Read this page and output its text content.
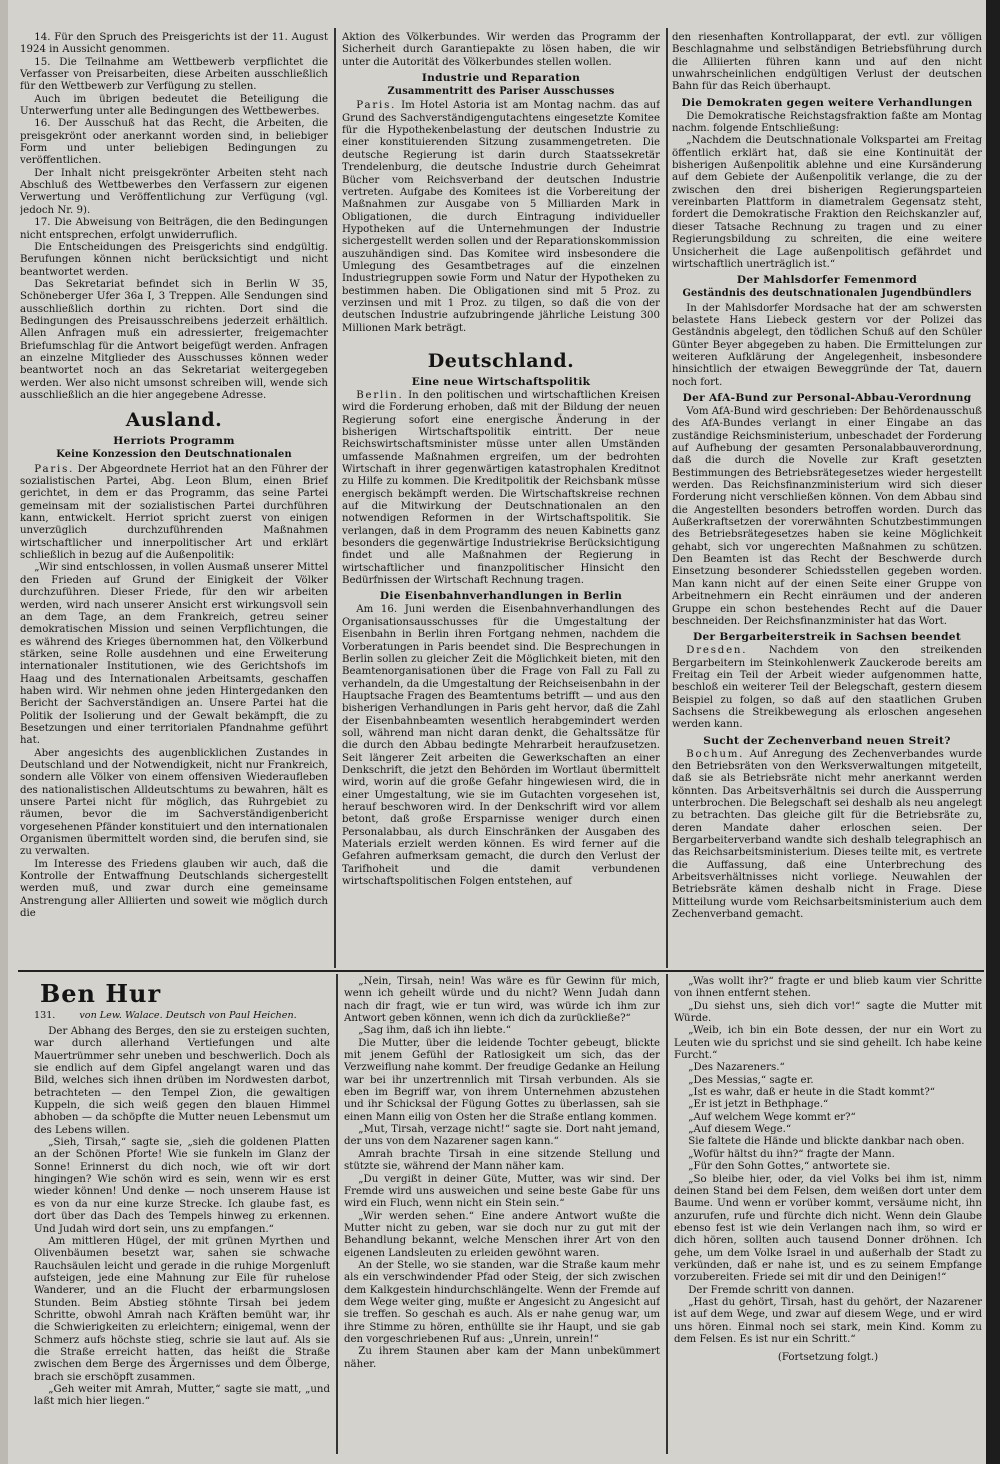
14. Für den Spruch des Preisgerichts ist der 11. August 1924 in Aussicht genommen.

15. Die Teilnahme am Wettbewerb verpflichtet die Verfasser von Preisarbeiten, diese Arbeiten ausschließlich für den Wettbewerb zur Verfügung zu stellen.

Auch im übrigen bedeutet die Beteiligung die Unterwerfung unter alle Bedingungen des Wettbewerbes.

16. Der Ausschuß hat das Recht, die Arbeiten, die preisgekrönt oder anerkannt worden sind, in beliebiger Form und unter beliebigen Bedingungen zu veröffentlichen.

Der Inhalt nicht preisgekrönter Arbeiten steht nach Abschluß des Wettbewerbes den Verfassern zur eigenen Verwertung und Veröffentlichung zur Verfügung (vgl. jedoch Nr. 9).

17. Die Abweisung von Beiträgen, die den Bedingungen nicht entsprechen, erfolgt unwiderruflich.

Die Entscheidungen des Preisgerichts sind endgültig. Berufungen können nicht berücksichtigt und nicht beantwortet werden.

Das Sekretariat befindet sich in Berlin W 35, Schöneberger Ufer 36a I, 3 Treppen. Alle Sendungen sind ausschließlich dorthin zu richten. Dort sind die Bedingungen des Preisausschreibens jederzeit erhältlich. Allen Anfragen muß ein adressierter, freigemachter Briefumschlag für die Antwort beigefügt werden. Anfragen an einzelne Mitglieder des Ausschusses können weder beantwortet noch an das Sekretariat weitergegeben werden. Wer also nicht umsonst schreiben will, wende sich ausschließlich an die hier angegebene Adresse.

Ausland.
Herriots Programm
Keine Konzession den Deutschnationalen

Paris. Der Abgeordnete Herriot hat an den Führer der sozialistischen Partei, Abg. Leon Blum, einen Brief gerichtet, in dem er das Programm, das seine Partei gemeinsam mit der sozialistischen Partei durchführen kann, entwickelt. Herriot spricht zuerst von einigen unverzüglich durchzuführenden Maßnahmen wirtschaftlicher und innerpolitischer Art und erklärt schließlich in bezug auf die Außenpolitik:

„Wir sind entschlossen, in vollen Ausmaß unserer Mittel den Frieden auf Grund der Einigkeit der Völker durchzuführen. Dieser Friede, für den wir arbeiten werden, wird nach unserer Ansicht erst wirkungsvoll sein an dem Tage, an dem Frankreich, getreu seiner demokratischen Mission und seinen Verpflichtungen, die es während des Krieges übernommen hat, den Völkerbund stärken, seine Rolle ausdehnen und eine Erweiterung internationaler Institutionen, wie des Gerichtshofs im Haag und des Internationalen Arbeitsamts, geschaffen haben wird. Wir nehmen ohne jeden Hintergedanken den Bericht der Sachverständigen an. Unsere Partei hat die Politik der Isolierung und der Gewalt bekämpft, die zu Besetzungen und einer territorialen Pfandnahme geführt hat.

Aber angesichts des augenblicklichen Zustandes in Deutschland und der Notwendigkeit, nicht nur Frankreich, sondern alle Völker von einem offensiven Wiederaufleben des nationalistischen Alldeutschtums zu bewahren, hält es unsere Partei nicht für möglich, das Ruhrgebiet zu räumen, bevor die im Sachverständigenbericht vorgesehenen Pfänder konstituiert und den internationalen Organismen übermittelt worden sind, die berufen sind, sie zu verwalten.

Im Interesse des Friedens glauben wir auch, daß die Kontrolle der Entwaffnung Deutschlands sichergestellt werden muß, und zwar durch eine gemeinsame Anstrengung aller Alliierten und soweit wie möglich durch die

Aktion des Völkerbundes. Wir werden das Programm der Sicherheit durch Garantiepakte zu lösen haben, die wir unter die Autorität des Völkerbundes stellen wollen.

Industrie und Reparation
Zusammentritt des Pariser Ausschusses

Paris. Im Hotel Astoria ist am Montag nachm. das auf Grund des Sachverständigengutachtens eingesetzte Komitee für die Hypothekenbelastung der deutschen Industrie zu einer konstituierenden Sitzung zusammengetreten. Die deutsche Regierung ist darin durch Staatssekretär Trendelenburg, die deutsche Industrie durch Geheimrat Bücher vom Reichsverband der deutschen Industrie vertreten. Aufgabe des Komitees ist die Vorbereitung der Maßnahmen zur Ausgabe von 5 Milliarden Mark in Obligationen, die durch Eintragung individueller Hypotheken auf die Unternehmungen der Industrie sichergestellt werden sollen und der Reparationskommission auszuhändigen sind. Das Komitee wird insbesondere die Umlegung des Gesamtbetrages auf die einzelnen Industriegruppen sowie Form und Natur der Hypotheken zu bestimmen haben. Die Obligationen sind mit 5 Proz. zu verzinsen und mit 1 Proz. zu tilgen, so daß die von der deutschen Industrie aufzubringende jährliche Leistung 300 Millionen Mark beträgt.

Deutschland.
Eine neue Wirtschaftspolitik

Berlin. In den politischen und wirtschaftlichen Kreisen wird die Forderung erhoben, daß mit der Bildung der neuen Regierung sofort eine energische Änderung in der bisherigen Wirtschaftspolitik eintritt. Der neue Reichswirtschaftsminister müsse unter allen Umständen umfassende Maßnahmen ergreifen, um der bedrohten Wirtschaft in ihrer gegenwärtigen katastrophalen Kreditnot zu Hilfe zu kommen. Die Kreditpolitik der Reichsbank müsse energisch bekämpft werden. Die Wirtschaftskreise rechnen auf die Mitwirkung der Deutschnationalen an den notwendigen Reformen in der Wirtschaftspolitik. Sie verlangen, daß in dem Programm des neuen Kabinetts ganz besonders die gegenwärtige Industriekrise Berücksichtigung findet und alle Maßnahmen der Regierung in wirtschaftlicher und finanzpolitischer Hinsicht den Bedürfnissen der Wirtschaft Rechnung tragen.

Die Eisenbahnverhandlungen in Berlin

Am 16. Juni werden die Eisenbahnverhandlungen des Organisationsausschusses für die Umgestaltung der Eisenbahn in Berlin ihren Fortgang nehmen, nachdem die Vorberatungen in Paris beendet sind. Die Besprechungen in Berlin sollen zu gleicher Zeit die Möglichkeit bieten, mit den Beamtenorganisationen über die Frage von Fall zu Fall zu verhandeln, da die Umgestaltung der Reichseisenbahn in der Hauptsache Fragen des Beamtentums betrifft — und aus den bisherigen Verhandlungen in Paris geht hervor, daß die Zahl der Eisenbahnbeamten wesentlich herabgemindert werden soll, während man nicht daran denkt, die Gehaltssätze für die durch den Abbau bedingte Mehrarbeit heraufzusetzen. Seit längerer Zeit arbeiten die Gewerkschaften an einer Denkschrift, die jetzt den Behörden im Wortlaut übermittelt wird, worin auf die große Gefahr hingewiesen wird, die in einer Umgestaltung, wie sie im Gutachten vorgesehen ist, herauf beschworen wird. In der Denkschrift wird vor allem betont, daß große Ersparnisse weniger durch einen Personalabbau, als durch Einschränken der Ausgaben des Materials erzielt werden können. Es wird ferner auf die Gefahren aufmerksam gemacht, die durch den Verlust der Tarifhoheit und die damit verbundenen wirtschaftspolitischen Folgen entstehen, auf

den riesenhaften Kontrollapparat, der evtl. zur völligen Beschlagnahme und selbständigen Betriebsführung durch die Alliierten führen kann und auf den nicht unwahrscheinlichen endgültigen Verlust der deutschen Bahn für das Reich überhaupt.

Die Demokraten gegen weitere Verhandlungen

Die Demokratische Reichstagsfraktion faßte am Montag nachm. folgende Entschließung:

„Nachdem die Deutschnationale Volkspartei am Freitag öffentlich erklärt hat, daß sie eine Kontinuität der bisherigen Außenpolitik ablehne und eine Kursänderung auf dem Gebiete der Außenpolitik verlange, die zu der zwischen den drei bisherigen Regierungsparteien vereinbarten Plattform in diametralem Gegensatz steht, fordert die Demokratische Fraktion den Reichskanzler auf, dieser Tatsache Rechnung zu tragen und zu einer Regierungsbildung zu schreiten, die eine weitere Unsicherheit die Lage außenpolitisch gefährdet und wirtschaftlich unerträglich ist.“

Der Mahlsdorfer Femenmord
Geständnis des deutschnationalen Jugendbündlers

In der Mahlsdorfer Mordsache hat der am schwersten belastete Hans Liebeck gestern vor der Polizei das Geständnis abgelegt, den tödlichen Schuß auf den Schüler Günter Beyer abgegeben zu haben. Die Ermittelungen zur weiteren Aufklärung der Angelegenheit, insbesondere hinsichtlich der etwaigen Beweggründe der Tat, dauern noch fort.

Der AfA-Bund zur Personal-Abbau-Verordnung

Vom AfA-Bund wird geschrieben: Der Behördenausschuß des AfA-Bundes verlangt in einer Eingabe an das zuständige Reichsministerium, unbeschadet der Forderung auf Aufhebung der gesamten Personalabbauverordnung, daß die durch die Novelle zur Kraft gesetzten Bestimmungen des Betriebsrätegesetzes wieder hergestellt werden. Das Reichsfinanzministerium wird sich dieser Forderung nicht verschließen können. Von dem Abbau sind die Angestellten besonders betroffen worden. Durch das Außerkraftsetzen der vorerwähnten Schutzbestimmungen des Betriebsrätegesetzes haben sie keine Möglichkeit gehabt, sich vor ungerechten Maßnahmen zu schützen. Den Beamten ist das Recht der Beschwerde durch Einsetzung besonderer Schiedsstellen gegeben worden. Man kann nicht auf der einen Seite einer Gruppe von Arbeitnehmern ein Recht einräumen und der anderen Gruppe ein schon bestehendes Recht auf die Dauer beschneiden. Der Reichsfinanzminister hat das Wort.

Der Bergarbeiterstreik in Sachsen beendet

Dresden. Nachdem von den streikenden Bergarbeitern im Steinkohlenwerk Zauckerode bereits am Freitag ein Teil der Arbeit wieder aufgenommen hatte, beschloß ein weiterer Teil der Belegschaft, gestern diesem Beispiel zu folgen, so daß auf den staatlichen Gruben Sachsens die Streikbewegung als erloschen angesehen werden kann.

Sucht der Zechenverband neuen Streit?

Bochum. Auf Anregung des Zechenverbandes wurde den Betriebsräten von den Werksverwaltungen mitgeteilt, daß sie als Betriebsräte nicht mehr anerkannt werden könnten. Das Arbeitsverhältnis sei durch die Aussperrung unterbrochen. Die Belegschaft sei deshalb als neu angelegt zu betrachten. Das gleiche gilt für die Betriebsräte zu, deren Mandate daher erloschen seien. Der Bergarbeiterverband wandte sich deshalb telegraphisch an das Reichsarbeitsministerium. Dieses teilte mit, es vertrete die Auffassung, daß eine Unterbrechung des Arbeitsverhältnisses nicht vorliege. Neuwahlen der Betriebsräte kämen deshalb nicht in Frage. Diese Mitteilung wurde vom Reichsarbeitsministerium auch dem Zechenverband gemacht.

Ben Hur
131.	von Lew. Walace. Deutsch von Paul Heichen.

Der Abhang des Berges, den sie zu ersteigen suchten, war durch allerhand Vertiefungen und alte Mauertrümmer sehr uneben und beschwerlich. Doch als sie endlich auf dem Gipfel angelangt waren und das Bild, welches sich ihnen drüben im Nordwesten darbot, betrachteten — den Tempel Zion, die gewaltigen Kuppeln, die sich weiß gegen den blauen Himmel abhoben — da schöpfte die Mutter neuen Lebensmut um des Lebens willen.

„Sieh, Tirsah,“ sagte sie, „sieh die goldenen Platten an der Schönen Pforte! Wie sie funkeln im Glanz der Sonne! Erinnerst du dich noch, wie oft wir dort hingingen? Wie schön wird es sein, wenn wir es erst wieder können! Und denke — noch unserem Hause ist es von da nur eine kurze Strecke. Ich glaube fast, es dort über das Dach des Tempels hinweg zu erkennen. Und Judah wird dort sein, uns zu empfangen.“

Am mittleren Hügel, der mit grünen Myrthen und Olivenbäumen besetzt war, sahen sie schwache Rauchsäulen leicht und gerade in die ruhige Morgenluft aufsteigen, jede eine Mahnung zur Eile für ruhelose Wanderer, und an die Flucht der erbarmungslosen Stunden. Beim Abstieg stöhnte Tirsah bei jedem Schritte, obwohl Amrah nach Kräften bemüht war, ihr die Schwierigkeiten zu erleichtern; einigemal, wenn der Schmerz aufs höchste stieg, schrie sie laut auf. Als sie die Straße erreicht hatten, das heißt die Straße zwischen dem Berge des Ärgernisses und dem Ölberge, brach sie erschöpft zusammen.

„Geh weiter mit Amrah, Mutter,“ sagte sie matt, „und laßt mich hier liegen.“

„Nein, Tirsah, nein! Was wäre es für Gewinn für mich, wenn ich geheilt würde und du nicht? Wenn Judah dann nach dir fragt, wie er tun wird, was würde ich ihm zur Antwort geben können, wenn ich dich da zurückließe?“

„Sag ihm, daß ich ihn liebte.“

Die Mutter, über die leidende Tochter gebeugt, blickte mit jenem Gefühl der Ratlosigkeit um sich, das der Verzweiflung nahe kommt. Der freudige Gedanke an Heilung war bei ihr unzertrennlich mit Tirsah verbunden. Als sie eben im Begriff war, von ihrem Unternehmen abzustehen und ihr Schicksal der Fügung Gottes zu überlassen, sah sie einen Mann eilig von Osten her die Straße entlang kommen.

„Mut, Tirsah, verzage nicht!“ sagte sie. Dort naht jemand, der uns von dem Nazarener sagen kann.“

Amrah brachte Tirsah in eine sitzende Stellung und stützte sie, während der Mann näher kam.

„Du vergißt in deiner Güte, Mutter, was wir sind. Der Fremde wird uns ausweichen und seine beste Gabe für uns wird ein Fluch, wenn nicht ein Stein sein.“

„Wir werden sehen.“ Eine andere Antwort wußte die Mutter nicht zu geben, war sie doch nur zu gut mit der Behandlung bekannt, welche Menschen ihrer Art von den eigenen Landsleuten zu erleiden gewöhnt waren.

An der Stelle, wo sie standen, war die Straße kaum mehr als ein verschwindender Pfad oder Steig, der sich zwischen dem Kalkgestein hindurchschlängelte. Wenn der Fremde auf dem Wege weiter ging, mußte er Angesicht zu Angesicht auf sie treffen. So geschah es auch. Als er nahe genug war, um ihre Stimme zu hören, enthüllte sie ihr Haupt, und sie gab den vorgeschriebenen Ruf aus: „Unrein, unrein!“

Zu ihrem Staunen aber kam der Mann unbekümmert näher.

„Was wollt ihr?“ fragte er und blieb kaum vier Schritte von ihnen entfernt stehen.

„Du siehst uns, sieh dich vor!“ sagte die Mutter mit Würde.

„Weib, ich bin ein Bote dessen, der nur ein Wort zu Leuten wie du sprichst und sie sind geheilt. Ich habe keine Furcht.“

„Des Nazareners.“

„Des Messias,“ sagte er.

„Ist es wahr, daß er heute in die Stadt kommt?“

„Er ist jetzt in Bethphage.“

„Auf welchem Wege kommt er?“

„Auf diesem Wege.“

Sie faltete die Hände und blickte dankbar nach oben.

„Wofür hältst du ihn?“ fragte der Mann.

„Für den Sohn Gottes,“ antwortete sie.

„So bleibe hier, oder, da viel Volks bei ihm ist, nimm deinen Stand bei dem Felsen, dem weißen dort unter dem Baume. Und wenn er vorüber kommt, versäume nicht, ihn anzurufen, rufe und fürchte dich nicht. Wenn dein Glaube ebenso fest ist wie dein Verlangen nach ihm, so wird er dich hören, sollten auch tausend Donner dröhnen. Ich gehe, um dem Volke Israel in und außerhalb der Stadt zu verkünden, daß er nahe ist, und es zu seinem Empfange vorzubereiten. Friede sei mit dir und den Deinigen!“

Der Fremde schritt von dannen.

„Hast du gehört, Tirsah, hast du gehört, der Nazarener ist auf dem Wege, und zwar auf diesem Wege, und er wird uns hören. Einmal noch sei stark, mein Kind. Komm zu dem Felsen. Es ist nur ein Schritt.“

(Fortsetzung folgt.)
